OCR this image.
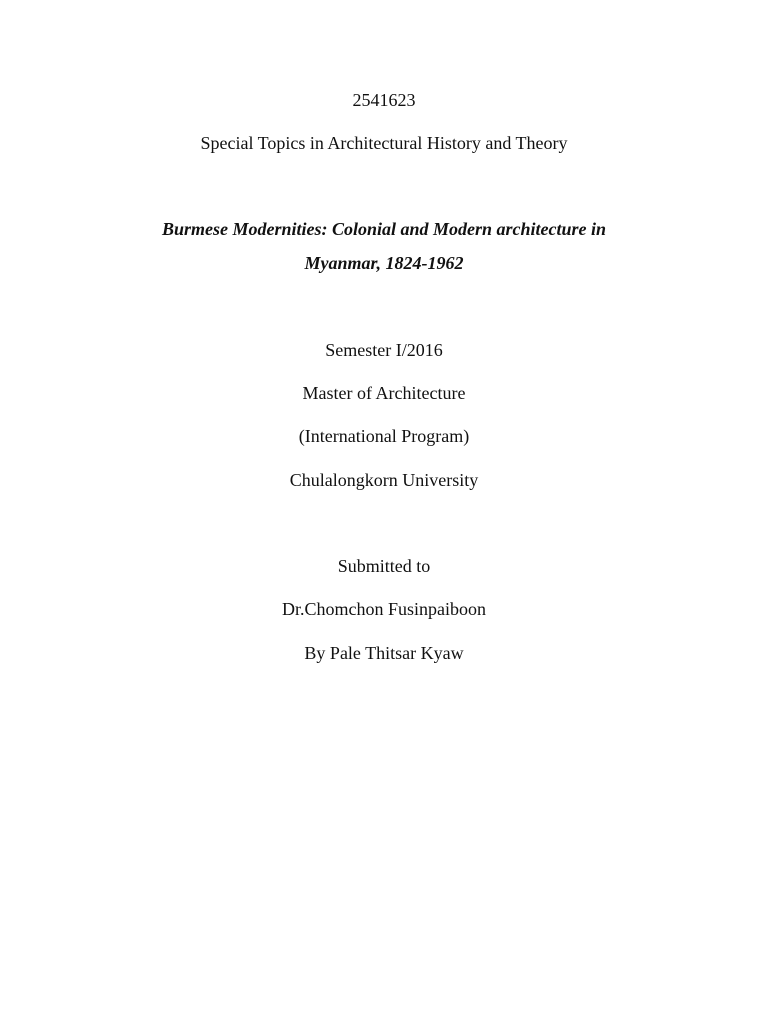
2541623
Special Topics in Architectural History and Theory
Burmese Modernities: Colonial and Modern architecture in
Myanmar, 1824-1962
Semester I/2016
Master of Architecture
(International Program)
Chulalongkorn University
Submitted to
Dr.Chomchon Fusinpaiboon
By Pale Thitsar Kyaw
